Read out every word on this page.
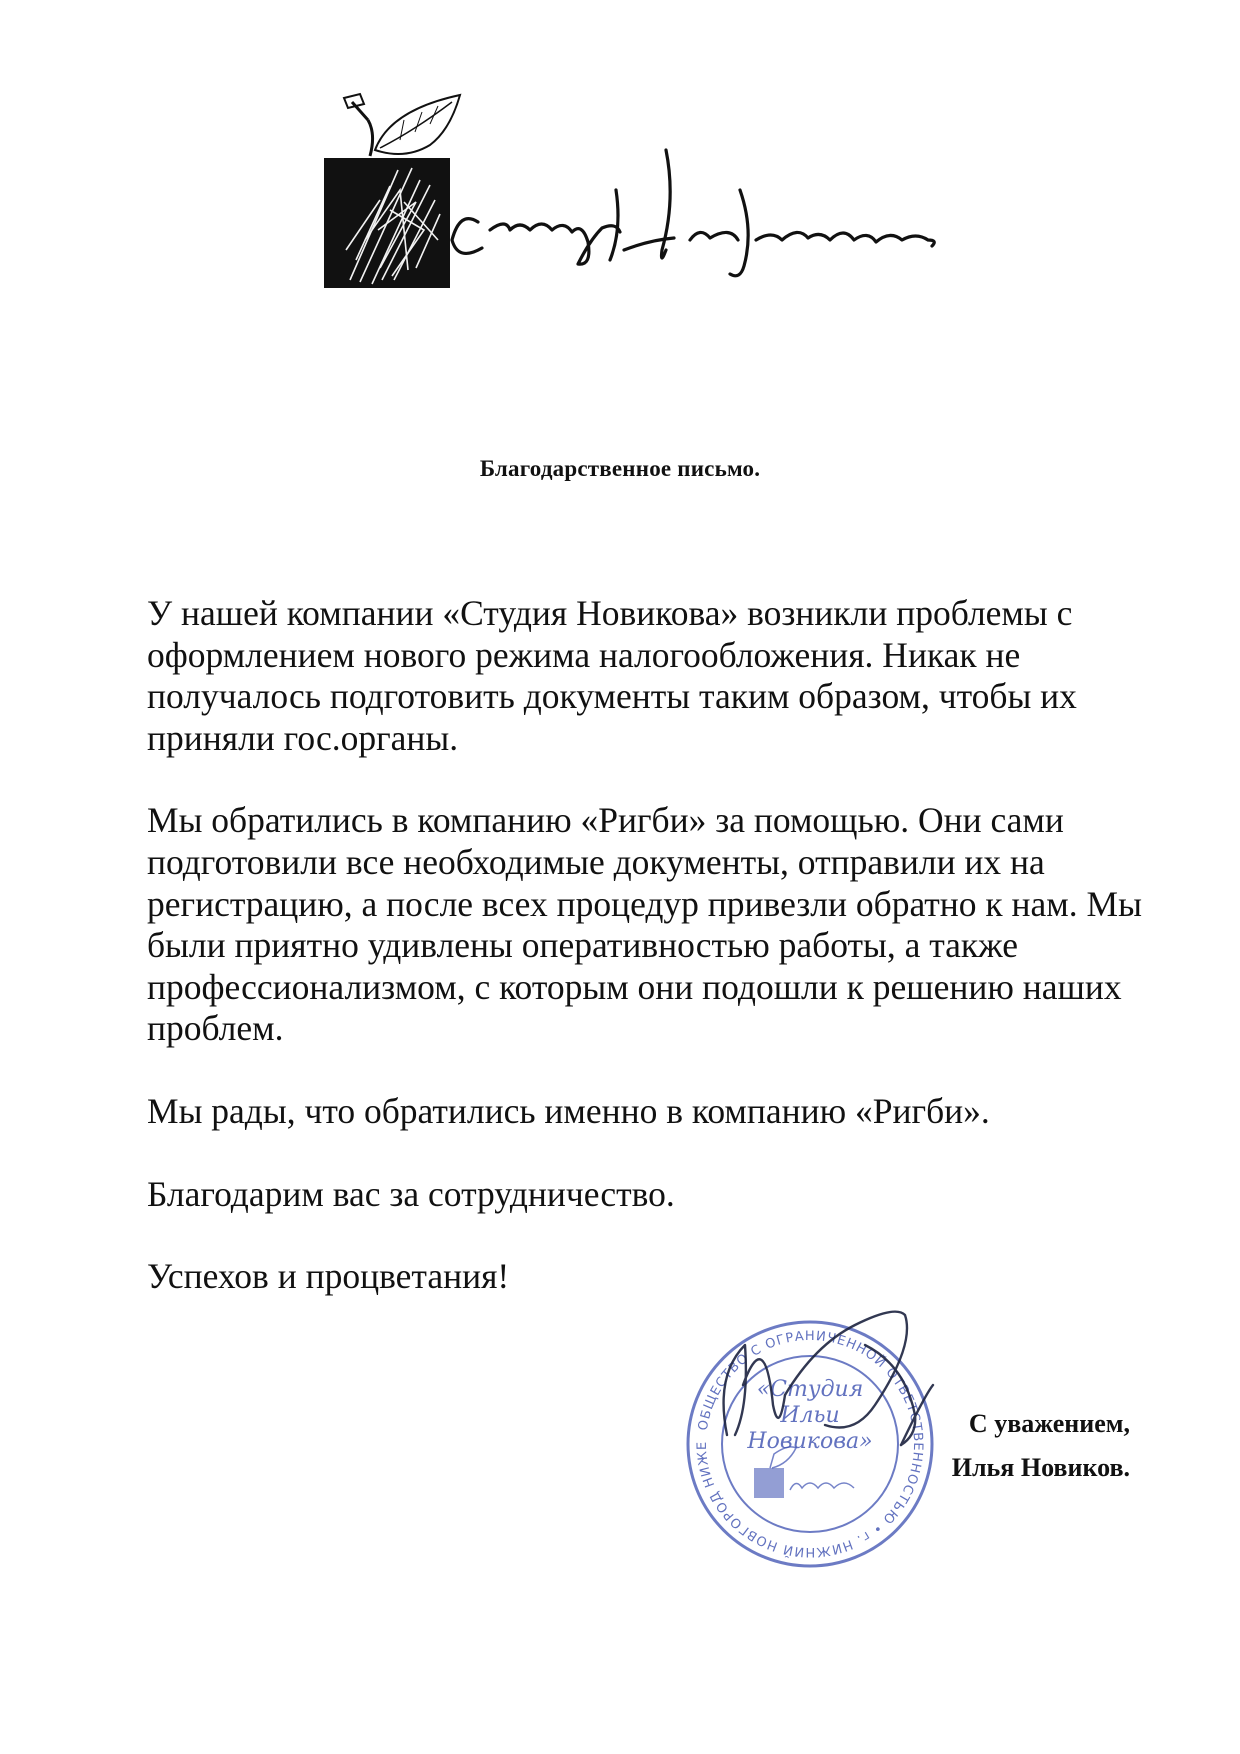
Благодарственное письмо.

У нашей компании «Студия Новикова» возникли проблемы с оформлением нового режима налогообложения. Никак не получалось подготовить документы таким образом, чтобы их приняли гос.органы.

Мы обратились в компанию «Ригби» за помощью. Они сами подготовили все необходимые документы, отправили их на регистрацию, а после всех процедур привезли обратно к нам. Мы были приятно удивлены оперативностью работы, а также профессионализмом, с которым они подошли к решению наших проблем.

Мы рады, что обратились именно в компанию «Ригби».

Благодарим вас за сотрудничество.

Успехов и процветания!

ОБЩЕСТВО С ОГРАНИЧЕННОЙ ОТВЕТСТВЕННОСТЬЮ • г. НИЖНИЙ НОВГОРОД НИЖЕ
«Студия
Ильи
Новикова»
С уважением,
Илья Новиков.
